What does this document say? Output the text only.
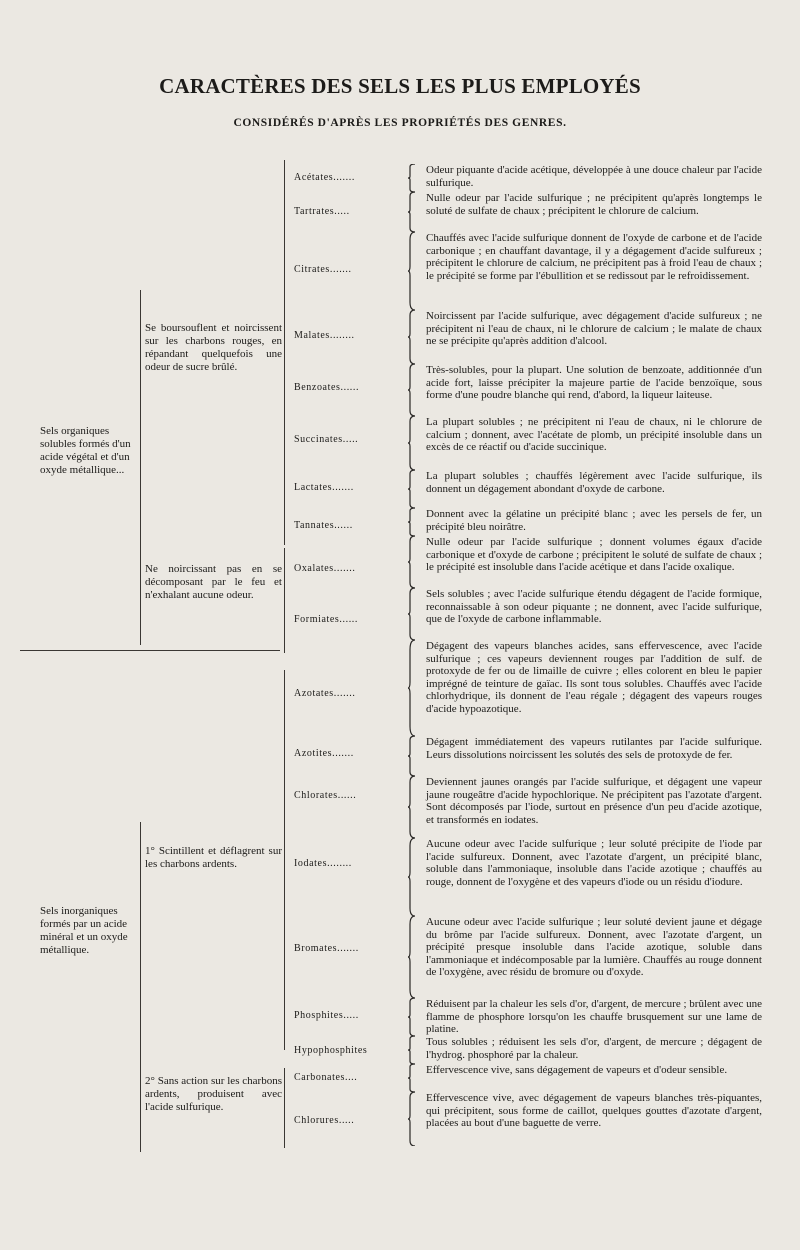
CARACTÈRES DES SELS LES PLUS EMPLOYÉS
CONSIDÉRÉS D'APRÈS LES PROPRIÉTÉS DES GENRES.
Sels organiques solubles formés d'un acide végétal et d'un oxyde métallique...
Sels inorganiques formés par un acide minéral et un oxyde métallique.
Se boursouflent et noircissent sur les charbons rouges, en répandant quelquefois une odeur de sucre brûlé.
Ne noircissant pas en se décomposant par le feu et n'exhalant aucune odeur.
1° Scintillent et déflagrent sur les charbons ardents.
2° Sans action sur les charbons ardents, produisent avec l'acide sulfurique.
Acétates.......
Tartrates.....
Citrates.......
Malates........
Benzoates......
Succinates.....
Lactates.......
Tannates......
Oxalates.......
Formiates......
Azotates.......
Azotites.......
Chlorates......
Iodates........
Bromates.......
Phosphites.....
Hypophosphites
Carbonates....
Chlorures.....
Odeur piquante d'acide acétique, développée à une douce chaleur par l'acide sulfurique.
Nulle odeur par l'acide sulfurique ; ne précipitent qu'après longtemps le soluté de sulfate de chaux ; précipitent le chlorure de calcium.
Chauffés avec l'acide sulfurique donnent de l'oxyde de carbone et de l'acide carbonique ; en chauffant davantage, il y a dégagement d'acide sulfureux ; précipitent le chlorure de calcium, ne précipitent pas à froid l'eau de chaux ; le précipité se forme par l'ébullition et se redissout par le refroidissement.
Noircissent par l'acide sulfurique, avec dégagement d'acide sulfureux ; ne précipitent ni l'eau de chaux, ni le chlorure de calcium ; le malate de chaux ne se précipite qu'après addition d'alcool.
Très-solubles, pour la plupart. Une solution de benzoate, additionnée d'un acide fort, laisse précipiter la majeure partie de l'acide benzoïque, sous forme d'une poudre blanche qui rend, d'abord, la liqueur laiteuse.
La plupart solubles ; ne précipitent ni l'eau de chaux, ni le chlorure de calcium ; donnent, avec l'acétate de plomb, un précipité insoluble dans un excès de ce réactif ou d'acide succinique.
La plupart solubles ; chauffés légèrement avec l'acide sulfurique, ils donnent un dégagement abondant d'oxyde de carbone.
Donnent avec la gélatine un précipité blanc ; avec les persels de fer, un précipité bleu noirâtre.
Nulle odeur par l'acide sulfurique ; donnent volumes égaux d'acide carbonique et d'oxyde de carbone ; précipitent le soluté de sulfate de chaux ; le précipité est insoluble dans l'acide acétique et dans l'acide oxalique.
Sels solubles ; avec l'acide sulfurique étendu dégagent de l'acide formique, reconnaissable à son odeur piquante ; ne donnent, avec l'acide sulfurique, que de l'oxyde de carbone inflammable.
Dégagent des vapeurs blanches acides, sans effervescence, avec l'acide sulfurique ; ces vapeurs deviennent rouges par l'addition de sulf. de protoxyde de fer ou de limaille de cuivre ; elles colorent en bleu le papier imprégné de teinture de gaïac. Ils sont tous solubles. Chauffés avec l'acide chlorhydrique, ils donnent de l'eau régale ; dégagent des vapeurs rouges d'acide hypoazotique.
Dégagent immédiatement des vapeurs rutilantes par l'acide sulfurique. Leurs dissolutions noircissent les solutés des sels de protoxyde de fer.
Deviennent jaunes orangés par l'acide sulfurique, et dégagent une vapeur jaune rougeâtre d'acide hypochlorique. Ne précipitent pas l'azotate d'argent. Sont décomposés par l'iode, surtout en présence d'un peu d'acide azotique, et transformés en iodates.
Aucune odeur avec l'acide sulfurique ; leur soluté précipite de l'iode par l'acide sulfureux. Donnent, avec l'azotate d'argent, un précipité blanc, soluble dans l'ammoniaque, insoluble dans l'acide azotique ; chauffés au rouge, donnent de l'oxygène et des vapeurs d'iode ou un résidu d'iodure.
Aucune odeur avec l'acide sulfurique ; leur soluté devient jaune et dégage du brôme par l'acide sulfureux. Donnent, avec l'azotate d'argent, un précipité presque insoluble dans l'acide azotique, soluble dans l'ammoniaque et indécomposable par la lumière. Chauffés au rouge donnent de l'oxygène, avec résidu de bromure ou d'oxyde.
Réduisent par la chaleur les sels d'or, d'argent, de mercure ; brûlent avec une flamme de phosphore lorsqu'on les chauffe brusquement sur une lame de platine.
Tous solubles ; réduisent les sels d'or, d'argent, de mercure ; dégagent de l'hydrog. phosphoré par la chaleur.
Effervescence vive, sans dégagement de vapeurs et d'odeur sensible.
Effervescence vive, avec dégagement de vapeurs blanches très-piquantes, qui précipitent, sous forme de caillot, quelques gouttes d'azotate d'argent, placées au bout d'une baguette de verre.
